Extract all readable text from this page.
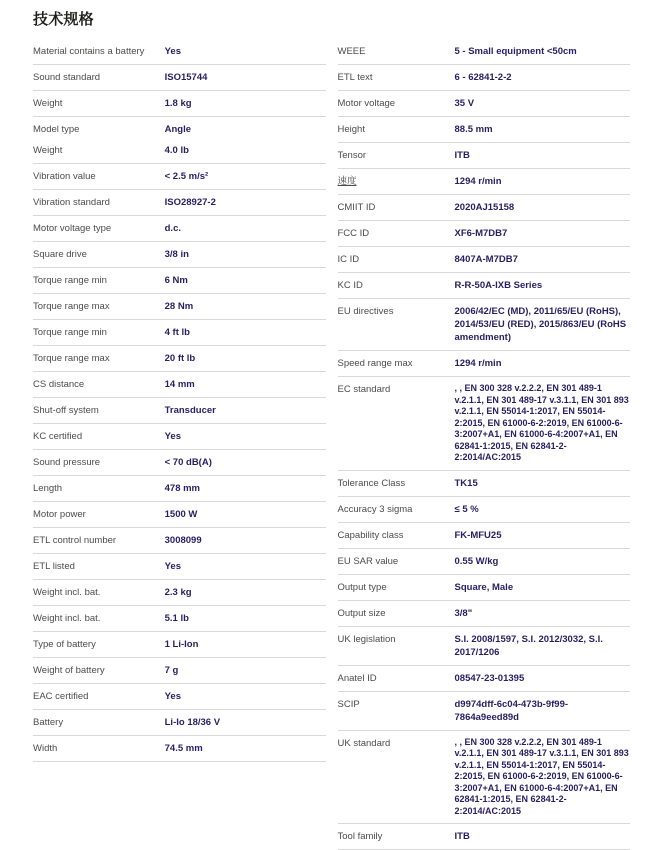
技术规格
Material contains a battery	Yes
Sound standard	ISO15744
Weight	1.8 kg
Model type	Angle
Weight	4.0 lb
Vibration value	< 2.5 m/s²
Vibration standard	ISO28927-2
Motor voltage type	d.c.
Square drive	3/8 in
Torque range min	6 Nm
Torque range max	28 Nm
Torque range min	4 ft lb
Torque range max	20 ft lb
CS distance	14 mm
Shut-off system	Transducer
KC certified	Yes
Sound pressure	< 70 dB(A)
Length	478 mm
Motor power	1500 W
ETL control number	3008099
ETL listed	Yes
Weight incl. bat.	2.3 kg
Weight incl. bat.	5.1 lb
Type of battery	1 Li-Ion
Weight of battery	7 g
EAC certified	Yes
Battery	Li-Io 18/36 V
Width	74.5 mm
WEEE	5 - Small equipment <50cm
ETL text	6 - 62841-2-2
Motor voltage	35 V
Height	88.5 mm
Tensor	ITB
速度	1294 r/min
CMIIT ID	2020AJ15158
FCC ID	XF6-M7DB7
IC ID	8407A-M7DB7
KC ID	R-R-50A-IXB Series
EU directives	2006/42/EC (MD), 2011/65/EU (RoHS), 2014/53/EU (RED), 2015/863/EU (RoHS amendment)
Speed range max	1294 r/min
EC standard	, , EN 300 328 v.2.2.2, EN 301 489-1 v.2.1.1, EN 301 489-17 v.3.1.1, EN 301 893 v.2.1.1, EN 55014-1:2017, EN 55014-2:2015, EN 61000-6-2:2019, EN 61000-6-3:2007+A1, EN 61000-6-4:2007+A1, EN 62841-1:2015, EN 62841-2-2:2014/AC:2015
Tolerance Class	TK15
Accuracy 3 sigma	≤ 5 %
Capability class	FK-MFU25
EU SAR value	0.55 W/kg
Output type	Square, Male
Output size	3/8"
UK legislation	S.I. 2008/1597, S.I. 2012/3032, S.I. 2017/1206
Anatel ID	08547-23-01395
SCIP	d9974dff-6c04-473b-9f99-7864a9eed89d
UK standard	, , EN 300 328 v.2.2.2, EN 301 489-1 v.2.1.1, EN 301 489-17 v.3.1.1, EN 301 893 v.2.1.1, EN 55014-1:2017, EN 55014-2:2015, EN 61000-6-2:2019, EN 61000-6-3:2007+A1, EN 61000-6-4:2007+A1, EN 62841-1:2015, EN 62841-2-2:2014/AC:2015
Tool family	ITB
